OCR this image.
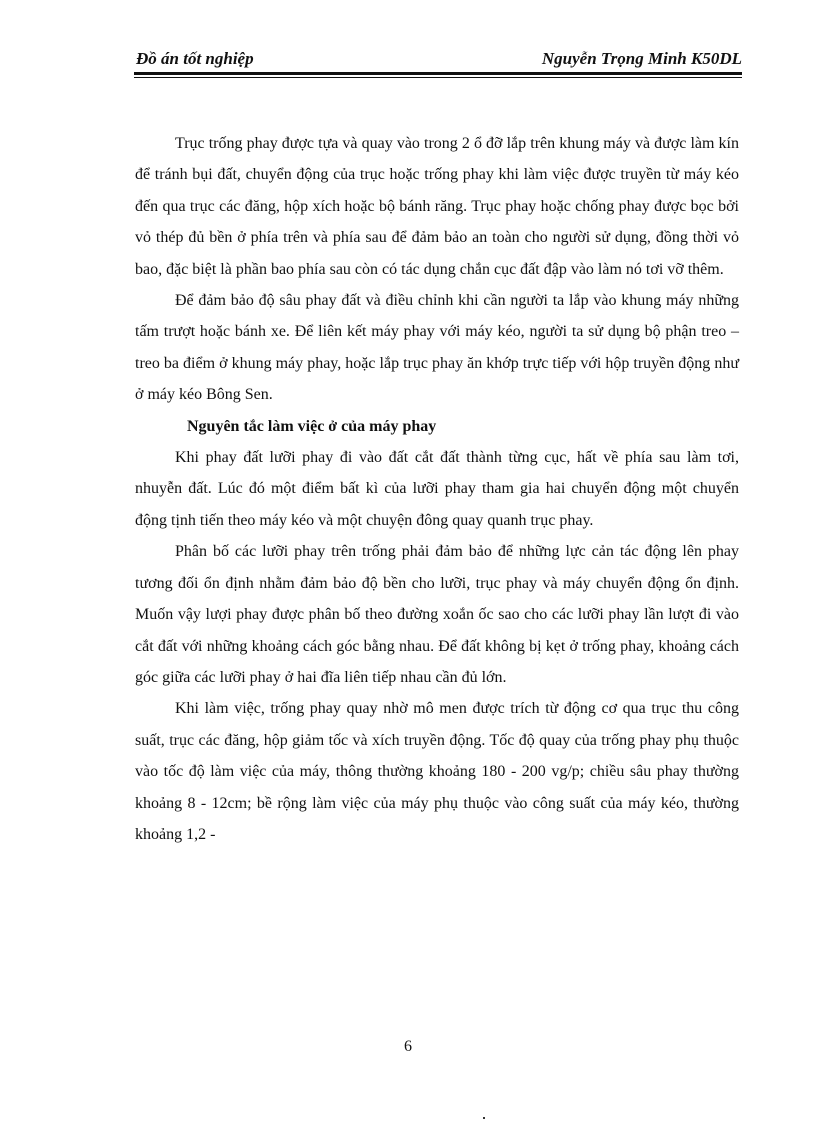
Đồ án tốt nghiệp	Nguyễn Trọng Minh K50DL

Trục trống phay được tựa và quay vào trong 2 ổ đỡ lắp trên khung máy và được làm kín để tránh bụi đất, chuyển động của trục hoặc trống phay khi làm việc được truyền từ máy kéo đến qua trục các đăng, hộp xích hoặc bộ bánh răng. Trục phay hoặc chống phay được bọc bởi vỏ thép đủ bền ở phía trên và phía sau để đảm bảo an toàn cho người sử dụng, đồng thời vỏ bao, đặc biệt là phần bao phía sau còn có tác dụng chắn cục đất đập vào làm nó tơi vỡ thêm.

Để đảm bảo độ sâu phay đất và điều chỉnh khi cần người ta lắp vào khung máy những tấm trượt hoặc bánh xe. Để liên kết máy phay với máy kéo, người ta sử dụng bộ phận treo – treo ba điểm ở khung máy phay, hoặc lắp trục phay ăn khớp trực tiếp với hộp truyền động như ở máy kéo Bông Sen.

Nguyên tắc làm việc ở của máy phay

Khi phay đất lưỡi phay đi vào đất cắt đất thành từng cục, hất về phía sau làm tơi, nhuyễn đất. Lúc đó một điểm bất kì của lưỡi phay tham gia hai chuyển động một chuyển động tịnh tiến theo máy kéo và một chuyện đông quay quanh trục phay.

Phân bố các lưỡi phay trên trống phải đảm bảo để những lực cản tác động lên phay tương đối ổn định nhằm đảm bảo độ bền cho lưỡi, trục phay và máy chuyển động ổn định. Muốn vậy lượi phay được phân bố theo đường xoắn ốc sao cho các lưỡi phay lần lượt đi vào cắt đất với những khoảng cách góc bằng nhau. Để đất không bị kẹt ở trống phay, khoảng cách góc giữa các lưỡi phay ở hai đĩa liên tiếp nhau cần đủ lớn.

Khi làm việc, trống phay quay nhờ mô men được trích từ động cơ qua trục thu công suất, trục các đăng, hộp giảm tốc và xích truyền động. Tốc độ quay của trống phay phụ thuộc vào tốc độ làm việc của máy, thông thường khoảng 180 - 200 vg/p; chiều sâu phay thường khoảng 8 - 12cm; bề rộng làm việc của máy phụ thuộc vào công suất của máy kéo, thường khoảng 1,2 -

6
